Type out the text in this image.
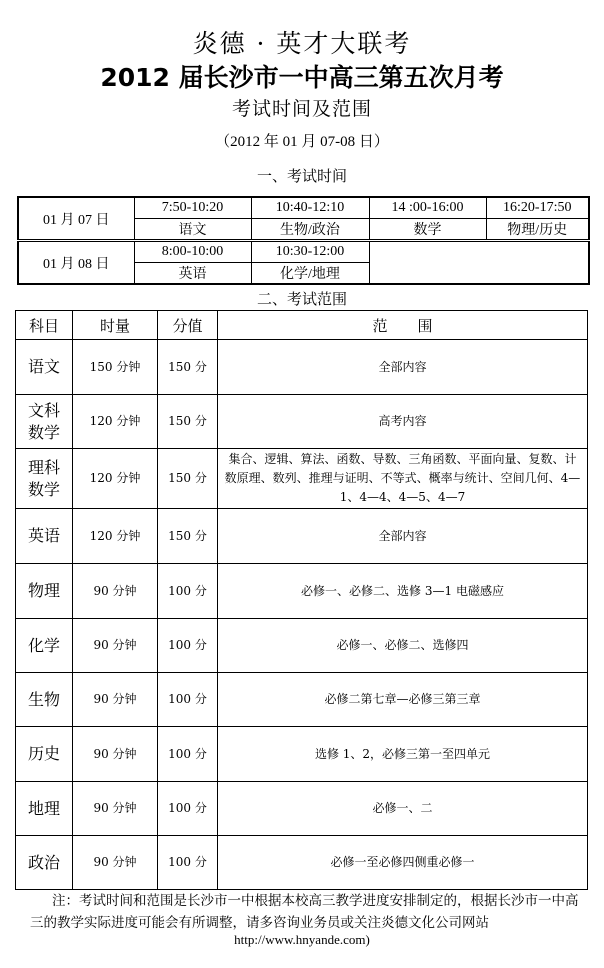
炎德 · 英才大联考
2012 届长沙市一中高三第五次月考
考试时间及范围
（2012 年 01 月 07-08 日）
一、考试时间
01 月 07 日	7:50-10:20	10:40-12:10	14 :00-16:00	16:20-17:50
	语文	生物/政治	数学	物理/历史
01 月 08 日	8:00-10:00	10:30-12:00		
	英语	化学/地理		
二、考试范围
科目	时量	分值	范　　围
语文	150 分钟	150 分	全部内容
文科数学	120 分钟	150 分	高考内容
理科数学	120 分钟	150 分	集合、逻辑、算法、函数、导数、三角函数、平面向量、复数、计数原理、数列、推理与证明、不等式、概率与统计、空间几何、4—1、4—4、4—5、4—7
英语	120 分钟	150 分	全部内容
物理	90 分钟	100 分	必修一、必修二、选修 3—1 电磁感应
化学	90 分钟	100 分	必修一、必修二、选修四
生物	90 分钟	100 分	必修二第七章—必修三第三章
历史	90 分钟	100 分	选修 1、2，必修三第一至四单元
地理	90 分钟	100 分	必修一、二
政治	90 分钟	100 分	必修一至必修四侧重必修一
注：考试时间和范围是长沙市一中根据本校高三教学进度安排制定的，根据长沙市一中高三的教学实际进度可能会有所调整，请多咨询业务员或关注炎德文化公司网站
http://www.hnyande.com)
